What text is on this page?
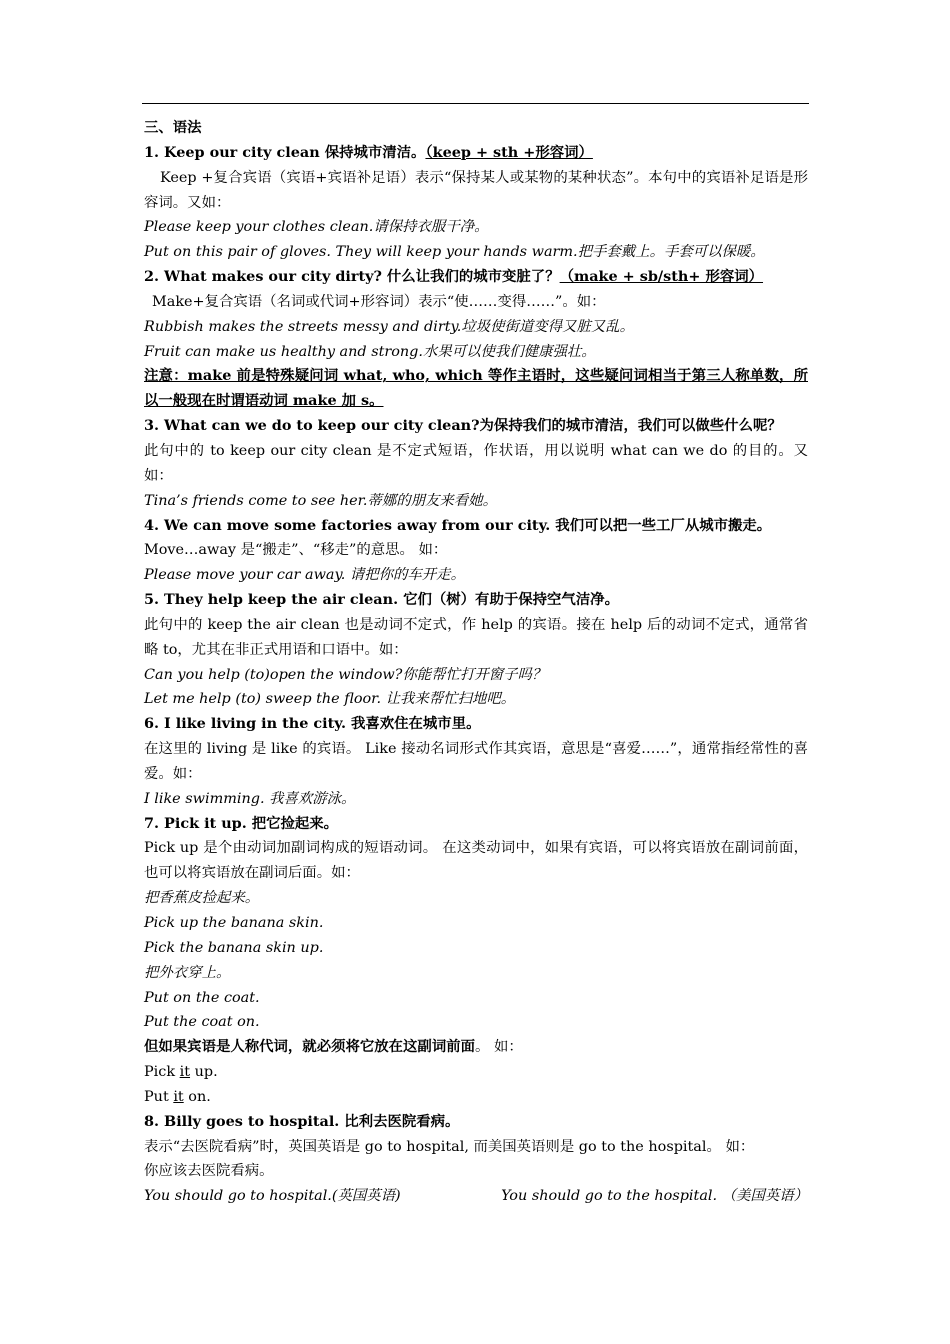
三、语法

1. Keep our city clean 保持城市清洁。（keep + sth +形容词）

Keep +复合宾语（宾语+宾语补足语）表示“保持某人或某物的某种状态”。本句中的宾语补足语是形容词。又如：

Please keep your clothes clean.请保持衣服干净。

Put on this pair of gloves. They will keep your hands warm.把手套戴上。手套可以保暖。

2. What makes our city dirty? 什么让我们的城市变脏了？（make + sb/sth+ 形容词）

Make+复合宾语（名词或代词+形容词）表示“使……变得……”。如：

Rubbish makes the streets messy and dirty.垃圾使街道变得又脏又乱。

Fruit can make us healthy and strong.水果可以使我们健康强壮。

注意：make 前是特殊疑问词 what, who, which 等作主语时，这些疑问词相当于第三人称单数，所以一般现在时谓语动词 make 加 s。

3. What can we do to keep our city clean?为保持我们的城市清洁，我们可以做些什么呢？

此句中的 to keep our city clean 是不定式短语，作状语，用以说明 what can we do 的目的。又如：

Tina’s friends come to see her.蒂娜的朋友来看她。

4. We can move some factories away from our city. 我们可以把一些工厂从城市搬走。

Move…away 是“搬走”、“移走”的意思。 如：

Please move your car away. 请把你的车开走。

5. They help keep the air clean. 它们（树）有助于保持空气洁净。

此句中的 keep the air clean 也是动词不定式，作 help 的宾语。接在 help 后的动词不定式，通常省略 to，尤其在非正式用语和口语中。如：

Can you help (to)open the window?你能帮忙打开窗子吗？

Let me help (to) sweep the floor. 让我来帮忙扫地吧。

6. I like living in the city. 我喜欢住在城市里。

在这里的 living 是 like 的宾语。 Like 接动名词形式作其宾语，意思是“喜爱……”，通常指经常性的喜爱。如：

I like swimming. 我喜欢游泳。

7. Pick it up. 把它捡起来。

Pick up 是个由动词加副词构成的短语动词。 在这类动词中，如果有宾语，可以将宾语放在副词前面，也可以将宾语放在副词后面。如：

把香蕉皮捡起来。

Pick up the banana skin.

Pick the banana skin up.

把外衣穿上。

Put on the coat.

Put the coat on.

但如果宾语是人称代词，就必须将它放在这副词前面。 如：

Pick it up.

Put it on.

8. Billy goes to hospital. 比利去医院看病。

表示“去医院看病”时，英国英语是 go to hospital, 而美国英语则是 go to the hospital。 如：

你应该去医院看病。

You should go to hospital.(英国英语)	You should go to the hospital. （美国英语）
